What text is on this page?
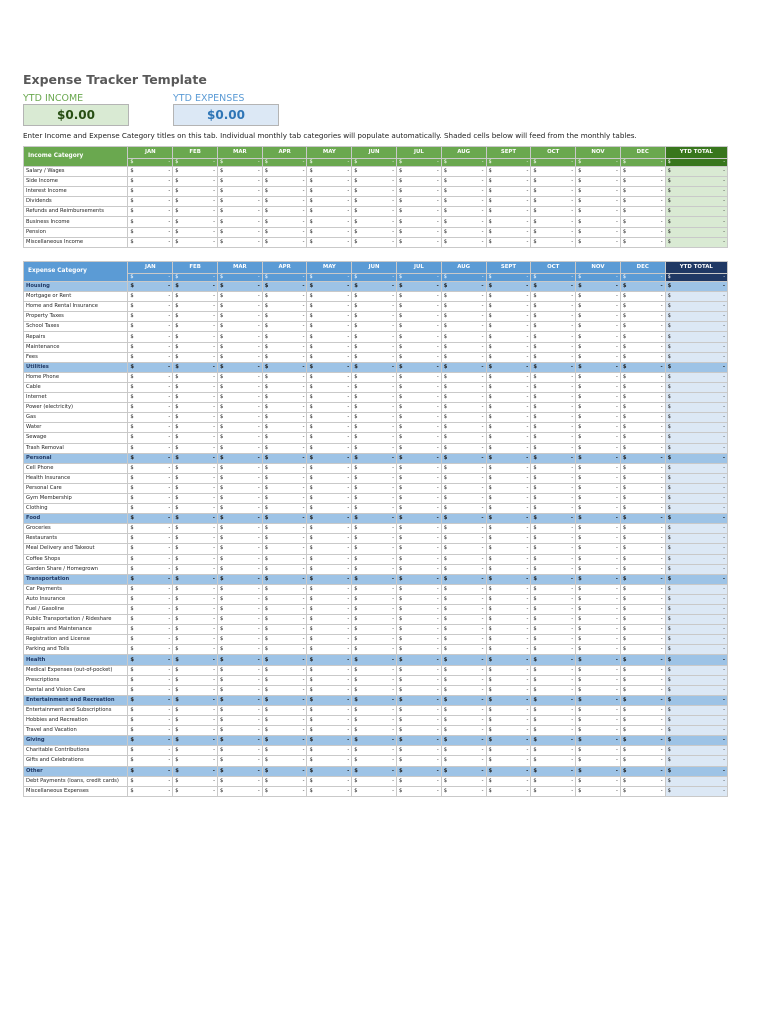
Expense Tracker Template
YTD INCOME	YTD EXPENSES
$0.00	$0.00
Enter Income and Expense Category titles on this tab. Individual monthly tab categories will populate automatically. Shaded cells below will feed from the monthly tables.
Income Category	JAN	FEB	MAR	APR	MAY	JUN	JUL	AUG	SEPT	OCT	NOV	DEC	YTD TOTAL

	$ -	$ -	$ -	$ -	$ -	$ -	$ -	$ -	$ -	$ -	$ -	$ -	$ -

Salary / Wages	$ -	$ -	$ -	$ -	$ -	$ -	$ -	$ -	$ -	$ -	$ -	$ -	$ -

Side Income	$ -	$ -	$ -	$ -	$ -	$ -	$ -	$ -	$ -	$ -	$ -	$ -	$ -

Interest Income	$ -	$ -	$ -	$ -	$ -	$ -	$ -	$ -	$ -	$ -	$ -	$ -	$ -

Dividends	$ -	$ -	$ -	$ -	$ -	$ -	$ -	$ -	$ -	$ -	$ -	$ -	$ -

Refunds and Reimbursements	$ -	$ -	$ -	$ -	$ -	$ -	$ -	$ -	$ -	$ -	$ -	$ -	$ -

Business Income	$ -	$ -	$ -	$ -	$ -	$ -	$ -	$ -	$ -	$ -	$ -	$ -	$ -

Pension	$ -	$ -	$ -	$ -	$ -	$ -	$ -	$ -	$ -	$ -	$ -	$ -	$ -

Miscellaneous Income	$ -	$ -	$ -	$ -	$ -	$ -	$ -	$ -	$ -	$ -	$ -	$ -	$ -
Expense Category	JAN	FEB	MAR	APR	MAY	JUN	JUL	AUG	SEPT	OCT	NOV	DEC	YTD TOTAL

	$ -	$ -	$ -	$ -	$ -	$ -	$ -	$ -	$ -	$ -	$ -	$ -	$ -

Housing	$ -	$ -	$ -	$ -	$ -	$ -	$ -	$ -	$ -	$ -	$ -	$ -	$ -

Mortgage or Rent	$ -	$ -	$ -	$ -	$ -	$ -	$ -	$ -	$ -	$ -	$ -	$ -	$ -

Home and Rental Insurance	$ -	$ -	$ -	$ -	$ -	$ -	$ -	$ -	$ -	$ -	$ -	$ -	$ -

Property Taxes	$ -	$ -	$ -	$ -	$ -	$ -	$ -	$ -	$ -	$ -	$ -	$ -	$ -

School Taxes	$ -	$ -	$ -	$ -	$ -	$ -	$ -	$ -	$ -	$ -	$ -	$ -	$ -

Repairs	$ -	$ -	$ -	$ -	$ -	$ -	$ -	$ -	$ -	$ -	$ -	$ -	$ -

Maintenance	$ -	$ -	$ -	$ -	$ -	$ -	$ -	$ -	$ -	$ -	$ -	$ -	$ -

Fees	$ -	$ -	$ -	$ -	$ -	$ -	$ -	$ -	$ -	$ -	$ -	$ -	$ -

Utilities	$ -	$ -	$ -	$ -	$ -	$ -	$ -	$ -	$ -	$ -	$ -	$ -	$ -

Home Phone	$ -	$ -	$ -	$ -	$ -	$ -	$ -	$ -	$ -	$ -	$ -	$ -	$ -

Cable	$ -	$ -	$ -	$ -	$ -	$ -	$ -	$ -	$ -	$ -	$ -	$ -	$ -

Internet	$ -	$ -	$ -	$ -	$ -	$ -	$ -	$ -	$ -	$ -	$ -	$ -	$ -

Power (electricity)	$ -	$ -	$ -	$ -	$ -	$ -	$ -	$ -	$ -	$ -	$ -	$ -	$ -

Gas	$ -	$ -	$ -	$ -	$ -	$ -	$ -	$ -	$ -	$ -	$ -	$ -	$ -

Water	$ -	$ -	$ -	$ -	$ -	$ -	$ -	$ -	$ -	$ -	$ -	$ -	$ -

Sewage	$ -	$ -	$ -	$ -	$ -	$ -	$ -	$ -	$ -	$ -	$ -	$ -	$ -

Trash Removal	$ -	$ -	$ -	$ -	$ -	$ -	$ -	$ -	$ -	$ -	$ -	$ -	$ -

Personal	$ -	$ -	$ -	$ -	$ -	$ -	$ -	$ -	$ -	$ -	$ -	$ -	$ -

Cell Phone	$ -	$ -	$ -	$ -	$ -	$ -	$ -	$ -	$ -	$ -	$ -	$ -	$ -

Health Insurance	$ -	$ -	$ -	$ -	$ -	$ -	$ -	$ -	$ -	$ -	$ -	$ -	$ -

Personal Care	$ -	$ -	$ -	$ -	$ -	$ -	$ -	$ -	$ -	$ -	$ -	$ -	$ -

Gym Membership	$ -	$ -	$ -	$ -	$ -	$ -	$ -	$ -	$ -	$ -	$ -	$ -	$ -

Clothing	$ -	$ -	$ -	$ -	$ -	$ -	$ -	$ -	$ -	$ -	$ -	$ -	$ -

Food	$ -	$ -	$ -	$ -	$ -	$ -	$ -	$ -	$ -	$ -	$ -	$ -	$ -

Groceries	$ -	$ -	$ -	$ -	$ -	$ -	$ -	$ -	$ -	$ -	$ -	$ -	$ -

Restaurants	$ -	$ -	$ -	$ -	$ -	$ -	$ -	$ -	$ -	$ -	$ -	$ -	$ -

Meal Delivery and Takeout	$ -	$ -	$ -	$ -	$ -	$ -	$ -	$ -	$ -	$ -	$ -	$ -	$ -

Coffee Shops	$ -	$ -	$ -	$ -	$ -	$ -	$ -	$ -	$ -	$ -	$ -	$ -	$ -

Garden Share / Homegrown	$ -	$ -	$ -	$ -	$ -	$ -	$ -	$ -	$ -	$ -	$ -	$ -	$ -

Transportation	$ -	$ -	$ -	$ -	$ -	$ -	$ -	$ -	$ -	$ -	$ -	$ -	$ -

Car Payments	$ -	$ -	$ -	$ -	$ -	$ -	$ -	$ -	$ -	$ -	$ -	$ -	$ -

Auto Insurance	$ -	$ -	$ -	$ -	$ -	$ -	$ -	$ -	$ -	$ -	$ -	$ -	$ -

Fuel / Gasoline	$ -	$ -	$ -	$ -	$ -	$ -	$ -	$ -	$ -	$ -	$ -	$ -	$ -

Public Transportation / Rideshare	$ -	$ -	$ -	$ -	$ -	$ -	$ -	$ -	$ -	$ -	$ -	$ -	$ -

Repairs and Maintenance	$ -	$ -	$ -	$ -	$ -	$ -	$ -	$ -	$ -	$ -	$ -	$ -	$ -

Registration and License	$ -	$ -	$ -	$ -	$ -	$ -	$ -	$ -	$ -	$ -	$ -	$ -	$ -

Parking and Tolls	$ -	$ -	$ -	$ -	$ -	$ -	$ -	$ -	$ -	$ -	$ -	$ -	$ -

Health	$ -	$ -	$ -	$ -	$ -	$ -	$ -	$ -	$ -	$ -	$ -	$ -	$ -

Medical Expenses (out-of-pocket)	$ -	$ -	$ -	$ -	$ -	$ -	$ -	$ -	$ -	$ -	$ -	$ -	$ -

Prescriptions	$ -	$ -	$ -	$ -	$ -	$ -	$ -	$ -	$ -	$ -	$ -	$ -	$ -

Dental and Vision Care	$ -	$ -	$ -	$ -	$ -	$ -	$ -	$ -	$ -	$ -	$ -	$ -	$ -

Entertainment and Recreation	$ -	$ -	$ -	$ -	$ -	$ -	$ -	$ -	$ -	$ -	$ -	$ -	$ -

Entertainment and Subscriptions	$ -	$ -	$ -	$ -	$ -	$ -	$ -	$ -	$ -	$ -	$ -	$ -	$ -

Hobbies and Recreation	$ -	$ -	$ -	$ -	$ -	$ -	$ -	$ -	$ -	$ -	$ -	$ -	$ -

Travel and Vacation	$ -	$ -	$ -	$ -	$ -	$ -	$ -	$ -	$ -	$ -	$ -	$ -	$ -

Giving	$ -	$ -	$ -	$ -	$ -	$ -	$ -	$ -	$ -	$ -	$ -	$ -	$ -

Charitable Contributions	$ -	$ -	$ -	$ -	$ -	$ -	$ -	$ -	$ -	$ -	$ -	$ -	$ -

Gifts and Celebrations	$ -	$ -	$ -	$ -	$ -	$ -	$ -	$ -	$ -	$ -	$ -	$ -	$ -

Other	$ -	$ -	$ -	$ -	$ -	$ -	$ -	$ -	$ -	$ -	$ -	$ -	$ -

Debt Payments (loans, credit cards)	$ -	$ -	$ -	$ -	$ -	$ -	$ -	$ -	$ -	$ -	$ -	$ -	$ -

Miscellaneous Expenses	$ -	$ -	$ -	$ -	$ -	$ -	$ -	$ -	$ -	$ -	$ -	$ -	$ -
